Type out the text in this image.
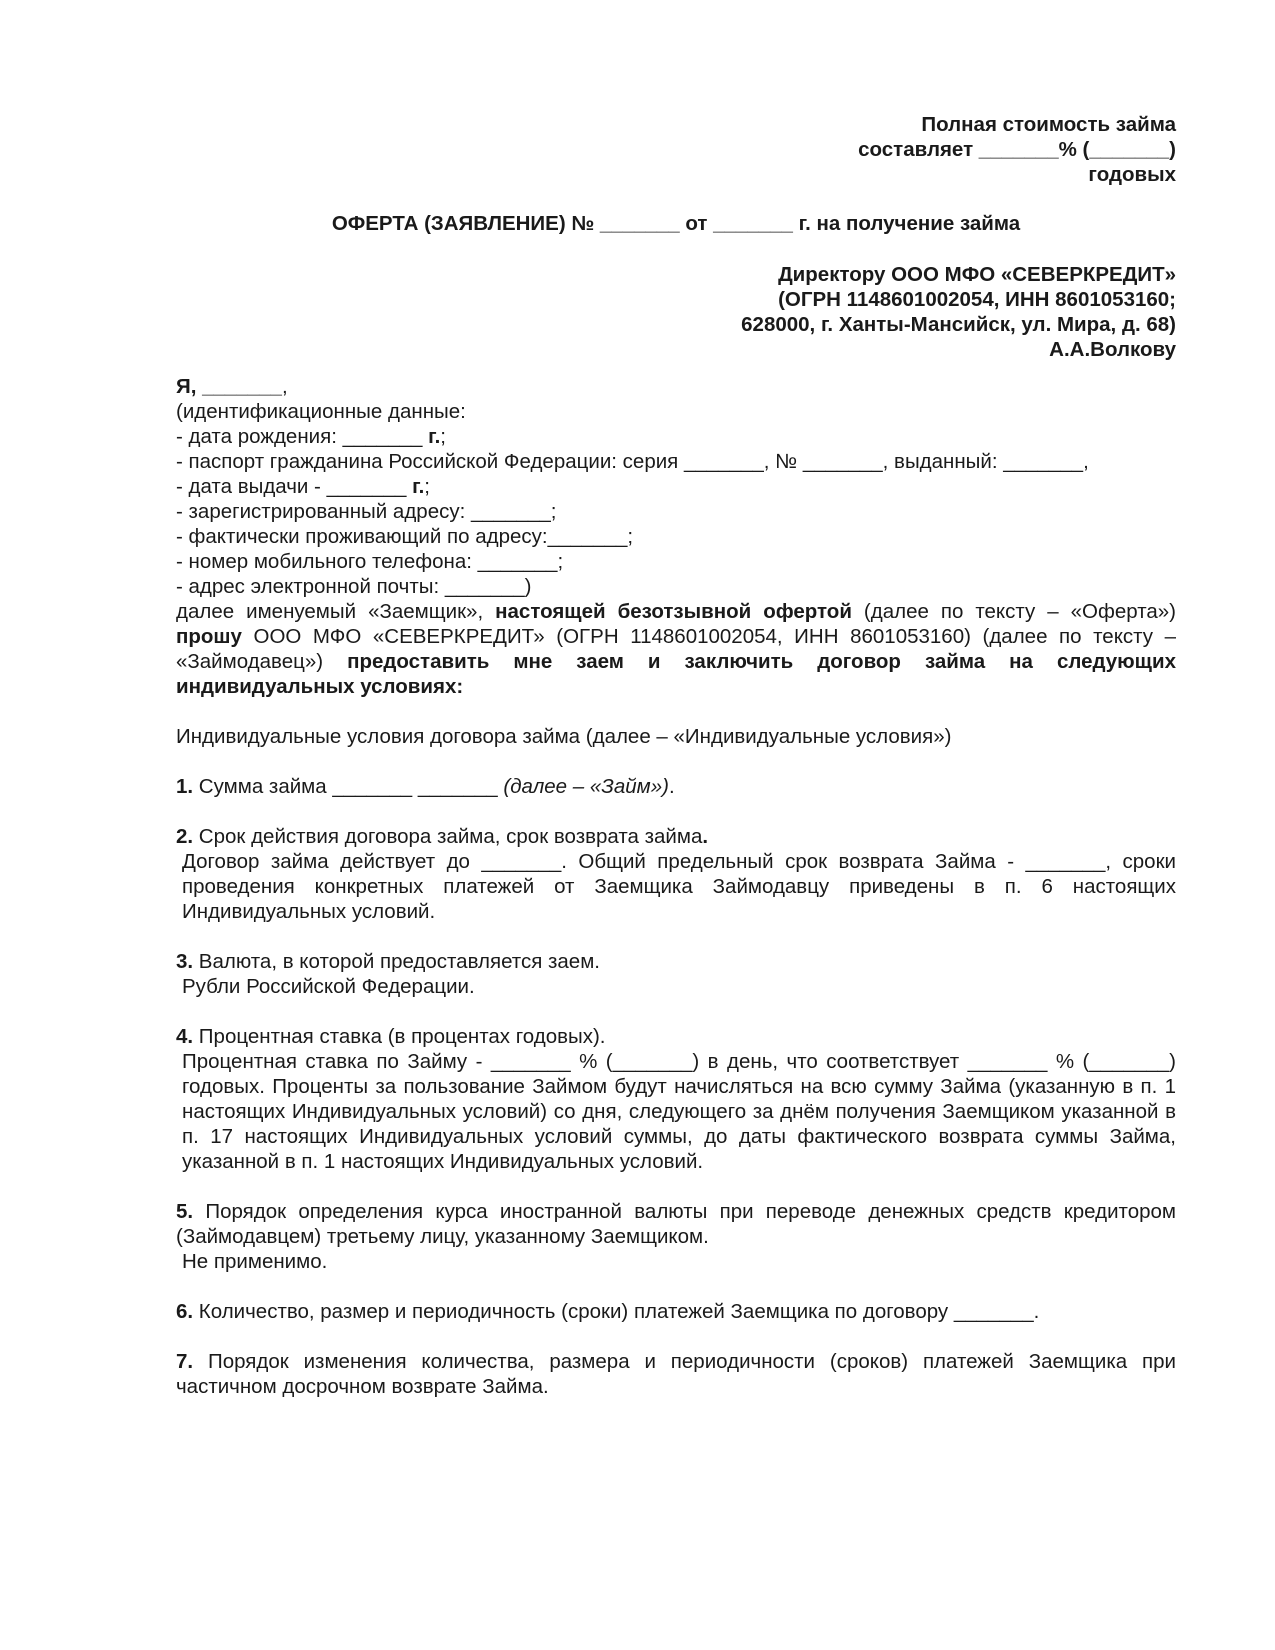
Полная стоимость займа

составляет _______% (_______)

годовых

ОФЕРТА (ЗАЯВЛЕНИЕ) № _______ от _______ г. на получение займа

Директору ООО МФО «СЕВЕРКРЕДИТ»

(ОГРН 1148601002054, ИНН 8601053160;

628000, г. Ханты-Мансийск, ул. Мира, д. 68)

А.А.Волкову

Я, _______,

(идентификационные данные:

- дата рождения: _______ г.;

- паспорт гражданина Российской Федерации: серия _______, № _______, выданный: _______,

- дата выдачи - _______ г.;

- зарегистрированный адресу: _______;

- фактически проживающий по адресу:_______;

- номер мобильного телефона: _______;

- адрес электронной почты: _______)

далее именуемый «Заемщик», настоящей безотзывной офертой (далее по тексту – «Оферта») прошу ООО МФО «СЕВЕРКРЕДИТ» (ОГРН 1148601002054, ИНН 8601053160) (далее по тексту – «Займодавец») предоставить мне заем и заключить договор займа на следующих индивидуальных условиях:

Индивидуальные условия договора займа (далее – «Индивидуальные условия»)

1. Сумма займа _______ _______ (далее – «Займ»).

2. Срок действия договора займа, срок возврата займа.

Договор займа действует до _______. Общий предельный срок возврата Займа - _______, сроки проведения конкретных платежей от Заемщика Займодавцу приведены в п. 6 настоящих Индивидуальных условий.

3. Валюта, в которой предоставляется заем.

Рубли Российской Федерации.

4. Процентная ставка (в процентах годовых).

Процентная ставка по Займу - _______ % (_______) в день, что соответствует _______ % (_______) годовых. Проценты за пользование Займом будут начисляться на всю сумму Займа (указанную в п. 1 настоящих Индивидуальных условий) со дня, следующего за днём получения Заемщиком указанной в п. 17 настоящих Индивидуальных условий суммы, до даты фактического возврата суммы Займа, указанной в п. 1 настоящих Индивидуальных условий.

5. Порядок определения курса иностранной валюты при переводе денежных средств кредитором (Займодавцем) третьему лицу, указанному Заемщиком.

Не применимо.

6. Количество, размер и периодичность (сроки) платежей Заемщика по договору _______.

7. Порядок изменения количества, размера и периодичности (сроков) платежей Заемщика при частичном досрочном возврате Займа.
